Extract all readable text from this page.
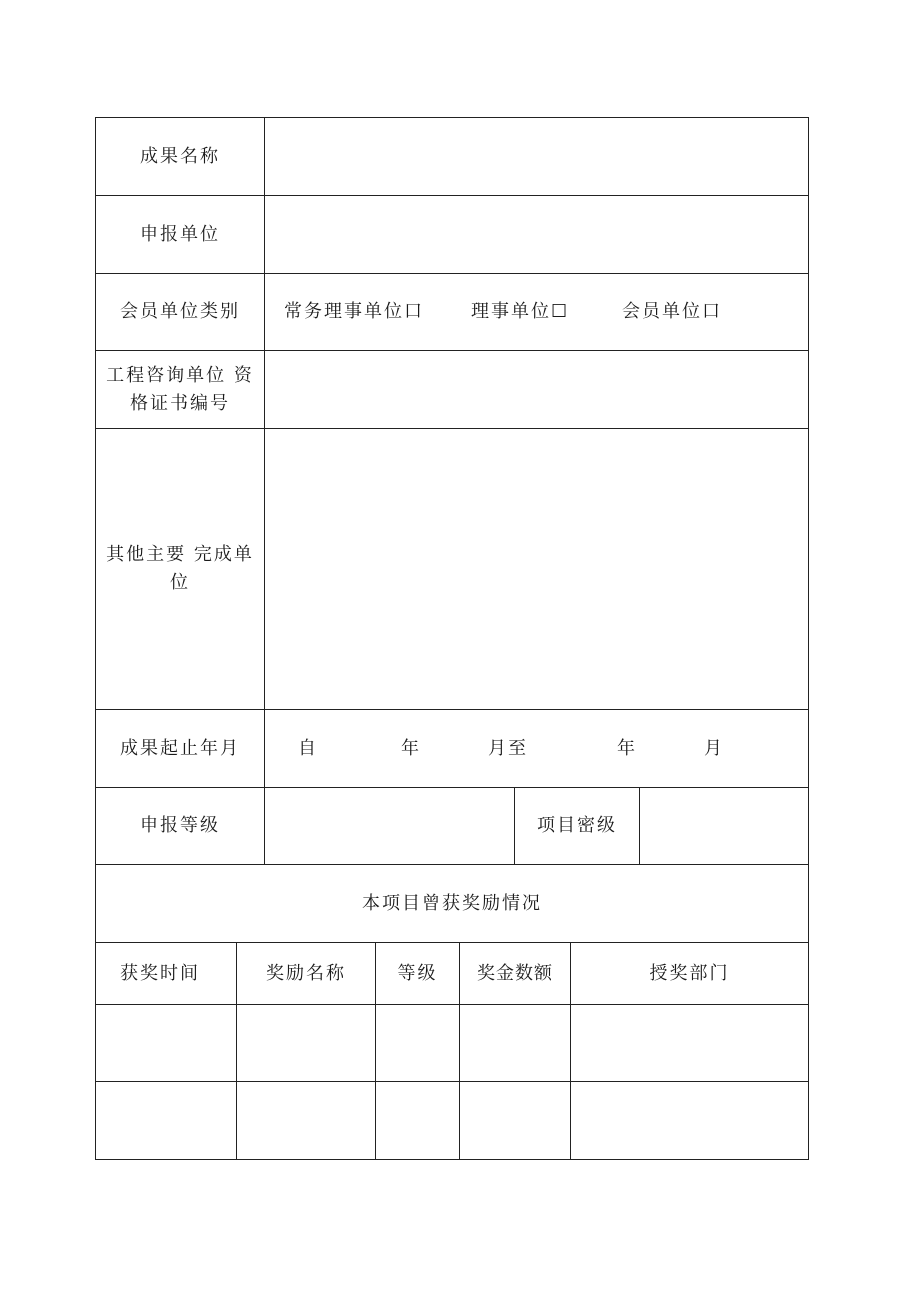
成果名称
申报单位
会员单位类别	常务理事单位口	理事单位☐	会员单位口
工程咨询单位 资格证书编号
其他主要 完成单位
成果起止年月	自	年	月至	年	月
申报等级	项目密级
本项目曾获奖励情况
获奖时间	奖励名称	等级	奖金数额	授奖部门
